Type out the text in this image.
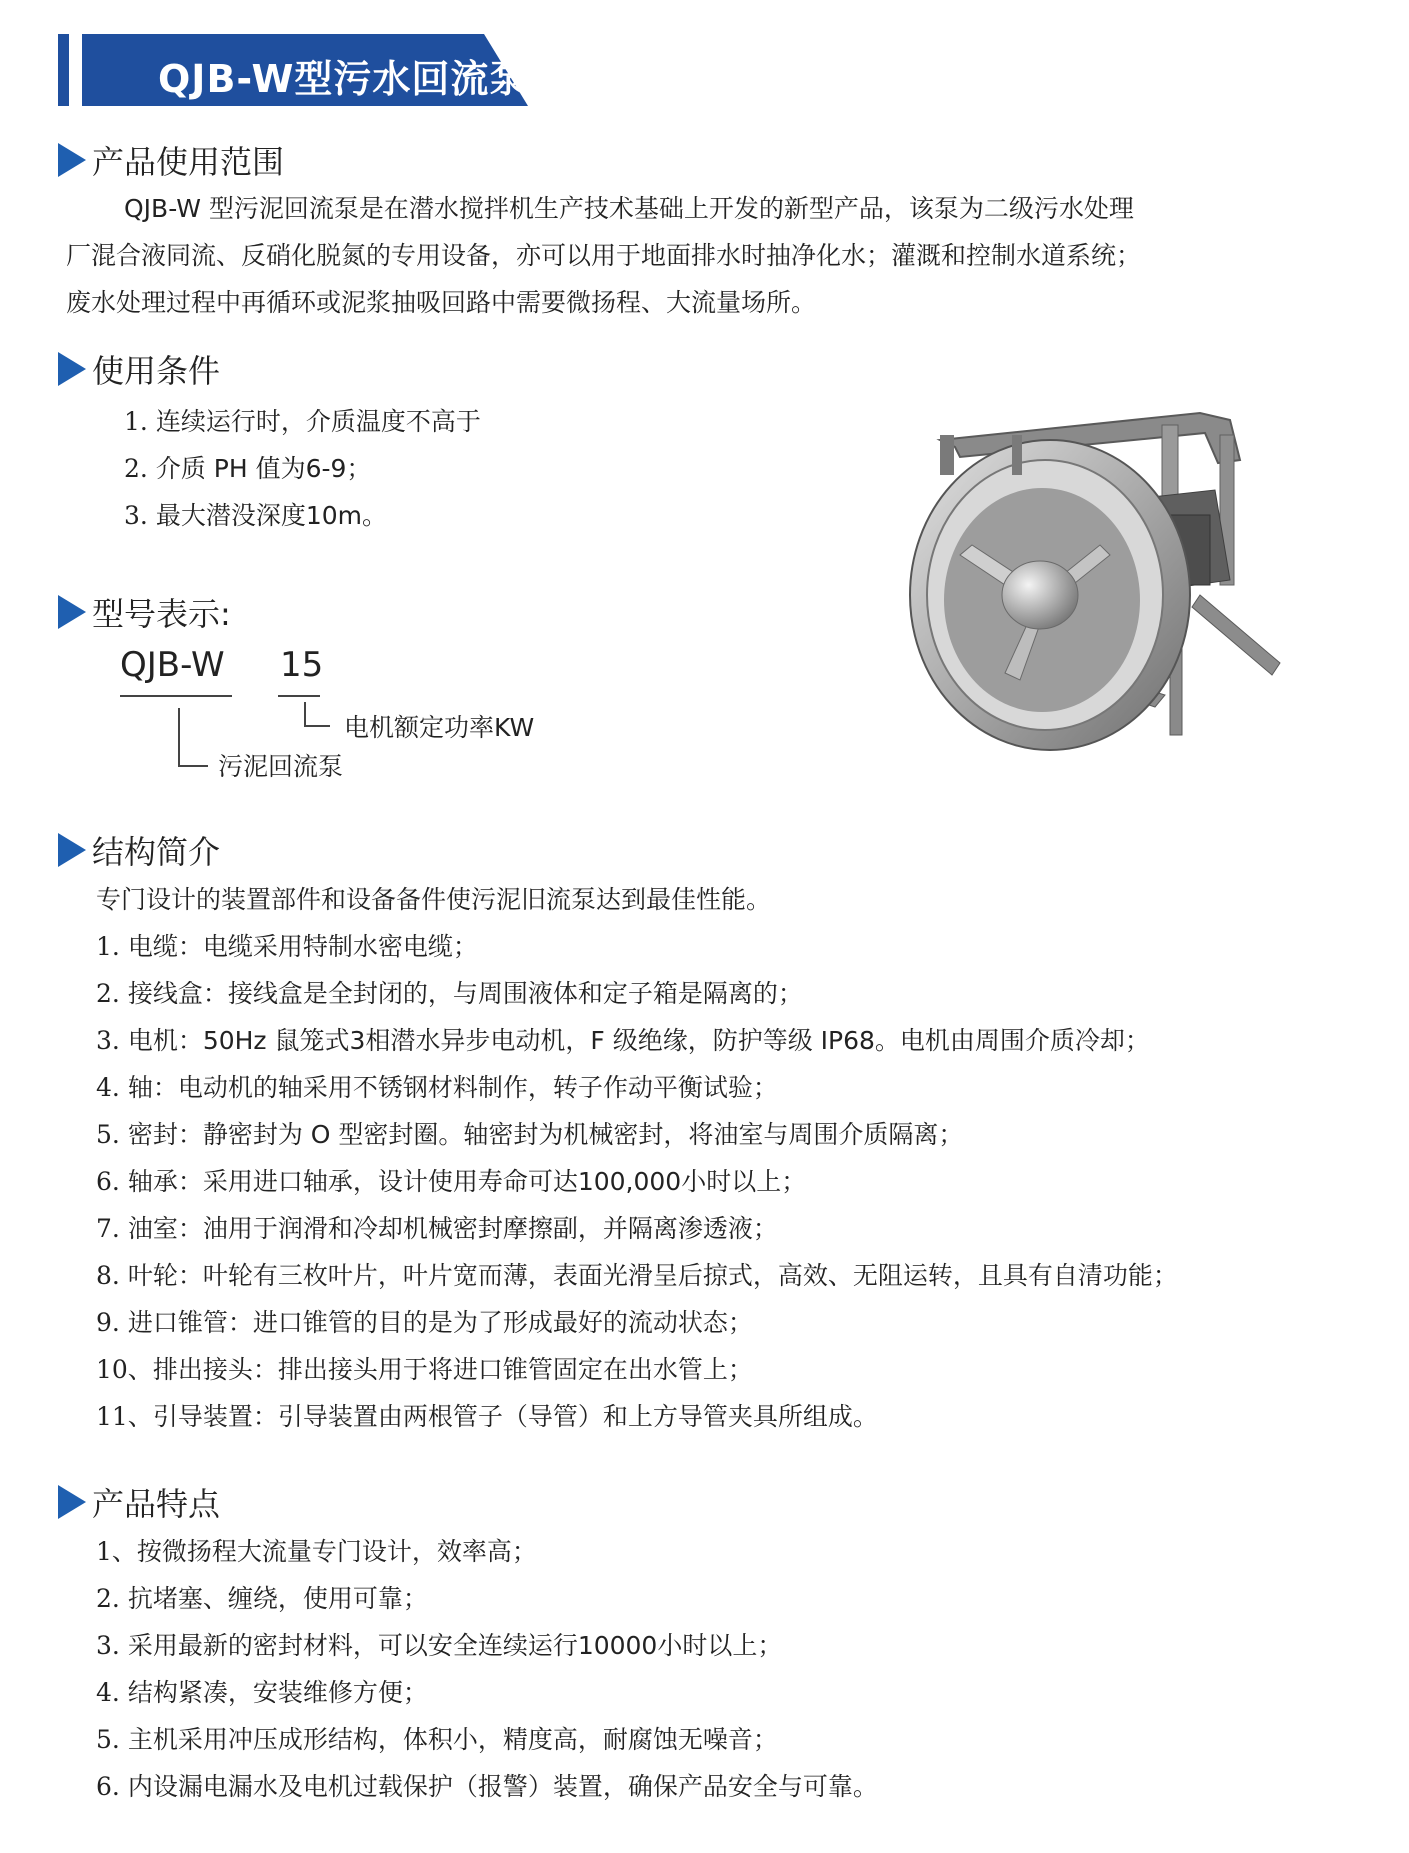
QJB-W型污水回流泵
产品使用范围
QJB-W 型污泥回流泵是在潜水搅拌机生产技术基础上开发的新型产品，该泵为二级污水处理
厂混合液同流、反硝化脱氮的专用设备，亦可以用于地面排水时抽净化水；灌溉和控制水道系统；
废水处理过程中再循环或泥浆抽吸回路中需要微扬程、大流量场所。
使用条件
1. 连续运行时，介质温度不高于
2. 介质 PH 值为6-9；
3. 最大潜没深度10m。
型号表示:
QJB-W 15
电机额定功率KW
污泥回流泵
结构简介
专门设计的装置部件和设备备件使污泥旧流泵达到最佳性能。
1. 电缆：电缆采用特制水密电缆；
2. 接线盒：接线盒是全封闭的，与周围液体和定子箱是隔离的；
3. 电机：50Hz 鼠笼式3相潜水异步电动机，F 级绝缘，防护等级 IP68。电机由周围介质冷却；
4. 轴：电动机的轴采用不锈钢材料制作，转子作动平衡试验；
5. 密封：静密封为 O 型密封圈。轴密封为机械密封，将油室与周围介质隔离；
6. 轴承：采用进口轴承，设计使用寿命可达100,000小时以上；
7. 油室：油用于润滑和冷却机械密封摩擦副，并隔离渗透液；
8. 叶轮：叶轮有三枚叶片，叶片宽而薄，表面光滑呈后掠式，高效、无阻运转，且具有自清功能；
9. 进口锥管：进口锥管的目的是为了形成最好的流动状态；
10、排出接头：排出接头用于将进口锥管固定在出水管上；
11、引导装置：引导装置由两根管子（导管）和上方导管夹具所组成。
产品特点
1、按微扬程大流量专门设计，效率高；
2. 抗堵塞、缠绕，使用可靠；
3. 采用最新的密封材料，可以安全连续运行10000小时以上；
4. 结构紧凑，安装维修方便；
5. 主机采用冲压成形结构，体积小，精度高，耐腐蚀无噪音；
6. 内设漏电漏水及电机过载保护（报警）装置，确保产品安全与可靠。
